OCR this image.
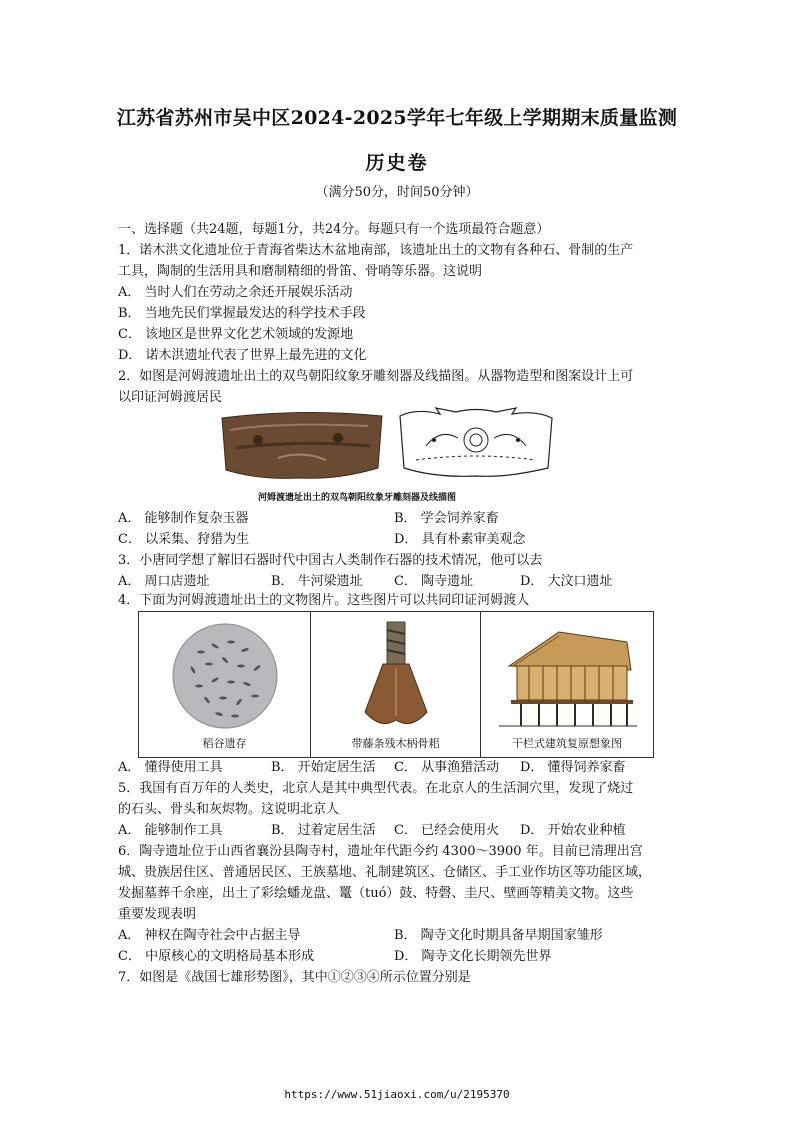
江苏省苏州市吴中区2024-2025学年七年级上学期期末质量监测
历史卷
（满分50分，时间50分钟）
一、选择题（共24题，每题1分，共24分。每题只有一个选项最符合题意）
1．诺木洪文化遗址位于青海省柴达木盆地南部，该遗址出土的文物有各种石、骨制的生产
工具，陶制的生活用具和磨制精细的骨笛、骨哨等乐器。这说明
A． 当时人们在劳动之余还开展娱乐活动
B． 当地先民们掌握最发达的科学技术手段
C． 该地区是世界文化艺术领域的发源地
D． 诺木洪遗址代表了世界上最先进的文化
2．如图是河姆渡遗址出土的双鸟朝阳纹象牙雕刻器及线描图。从器物造型和图案设计上可
以印证河姆渡居民
河姆渡遗址出土的双鸟朝阳纹象牙雕刻器及线描图
A． 能够制作复杂玉器	B． 学会饲养家畜
C． 以采集、狩猎为生	D． 具有朴素审美观念
3．小唐同学想了解旧石器时代中国古人类制作石器的技术情况，他可以去
A． 周口店遗址	B． 牛河梁遗址 C． 陶寺遗址	D． 大汶口遗址
4．下面为河姆渡遗址出土的文物图片。这些图片可以共同印证河姆渡人
稻谷遗存	带藤条残木柄骨耜	干栏式建筑复原想象图
A． 懂得使用工具	B． 开始定居生活 C． 从事渔猎活动 D． 懂得饲养家畜
5．我国有百万年的人类史，北京人是其中典型代表。在北京人的生活洞穴里，发现了烧过
的石头、骨头和灰烬物。这说明北京人
A． 能够制作工具	B． 过着定居生活 C． 已经会使用火 D． 开始农业种植
6．陶寺遗址位于山西省襄汾县陶寺村，遗址年代距今约 4300～3900 年。目前已清理出宫
城、贵族居住区、普通居民区、王族墓地、礼制建筑区、仓储区、手工业作坊区等功能区域，
发掘墓葬千余座，出土了彩绘蟠龙盘、鼍（tuó）鼓、特磬、圭尺、壁画等精美文物。这些
重要发现表明
A． 神权在陶寺社会中占据主导	B． 陶寺文化时期具备早期国家雏形
C． 中原核心的文明格局基本形成	D． 陶寺文化长期领先世界
7．如图是《战国七雄形势图》，其中①②③④所示位置分别是
https://www.51jiaoxi.com/u/2195370
